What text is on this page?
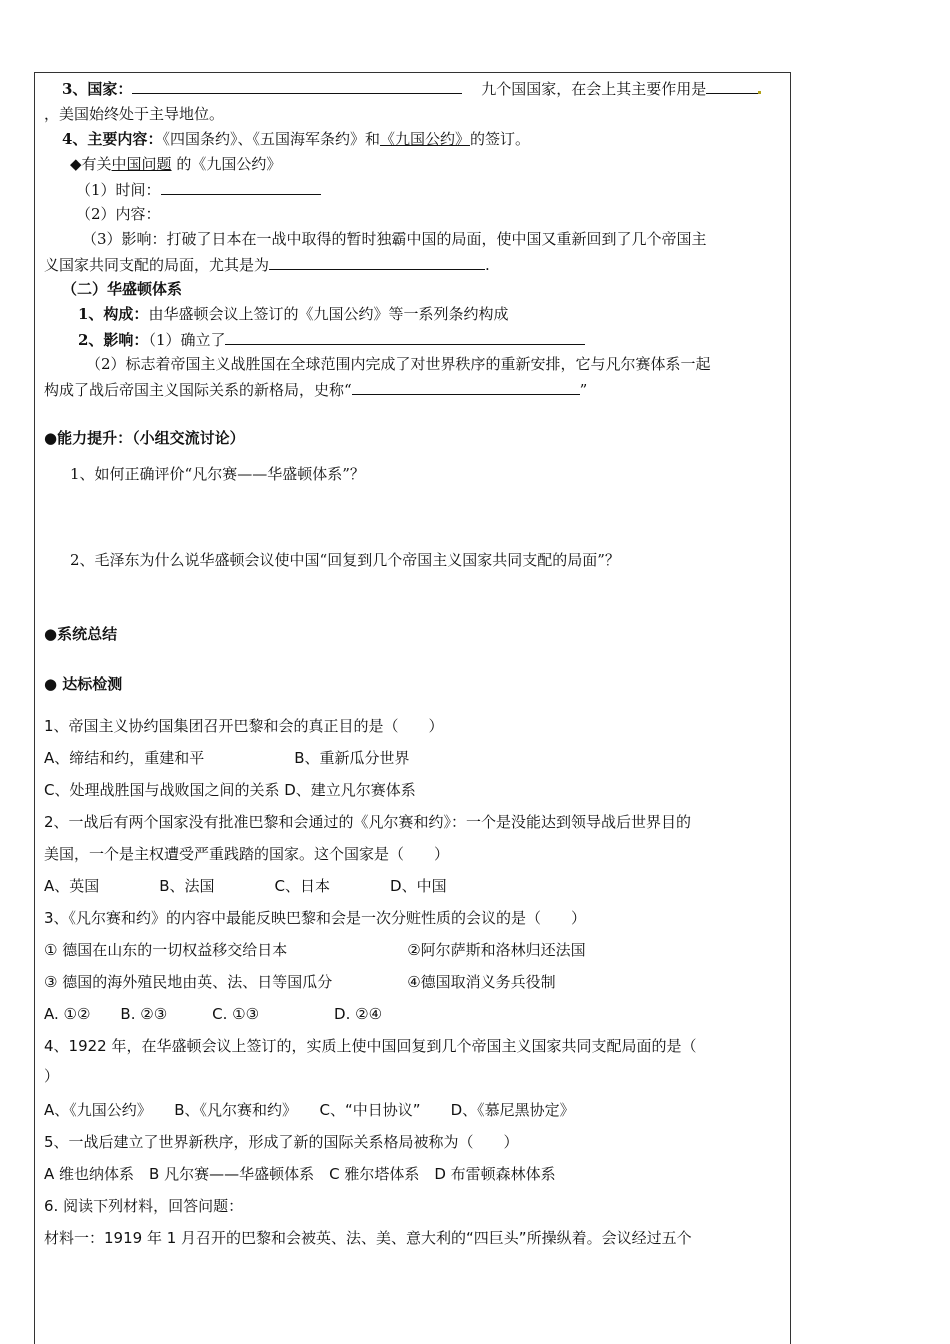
3、国家：	九个国国家，在会上其主要作用是
，美国始终处于主导地位。
4、主要内容：《四国条约》、《五国海军条约》和《九国公约》的签订。
◆有关中国问题 的《九国公约》
（1）时间：
（2）内容：
（3）影响：打破了日本在一战中取得的暂时独霸中国的局面，使中国又重新回到了几个帝国主
义国家共同支配的局面，尤其是为	.
（二）华盛顿体系
1、构成：由华盛顿会议上签订的《九国公约》等一系列条约构成
2、影响：（1）确立了
（2）标志着帝国主义战胜国在全球范围内完成了对世界秩序的重新安排，它与凡尔赛体系一起
构成了战后帝国主义国际关系的新格局，史称“	”
●能力提升：（小组交流讨论）
1、如何正确评价“凡尔赛——华盛顿体系”？
2、毛泽东为什么说华盛顿会议使中国“回复到几个帝国主义国家共同支配的局面”？
●系统总结
● 达标检测
1、帝国主义协约国集团召开巴黎和会的真正目的是（　　）
A、缔结和约，重建和平　　　　　　B、重新瓜分世界
C、处理战胜国与战败国之间的关系 D、建立凡尔赛体系
2、一战后有两个国家没有批准巴黎和会通过的《凡尔赛和约》：一个是没能达到领导战后世界目的
美国，一个是主权遭受严重践踏的国家。这个国家是（　　）
A、英国　　　　B、法国　　　　C、日本　　　　D、中国
3、《凡尔赛和约》的内容中最能反映巴黎和会是一次分赃性质的会议的是（　　）
① 德国在山东的一切权益移交给日本　　　　　　　　②阿尔萨斯和洛林归还法国
③ 德国的海外殖民地由英、法、日等国瓜分　　　　　④德国取消义务兵役制
A. ①②　　B. ②③　　　C. ①③　　　　　D. ②④
4、1922 年，在华盛顿会议上签订的，实质上使中国回复到几个帝国主义国家共同支配局面的是（
）
A、《九国公约》　　B、《凡尔赛和约》　　C、“中日协议”　　D、《慕尼黑协定》
5、一战后建立了世界新秩序，形成了新的国际关系格局被称为（　　）
A 维也纳体系　B 凡尔赛——华盛顿体系　C 雅尔塔体系　D 布雷顿森林体系
6. 阅读下列材料，回答问题：
材料一：1919 年 1 月召开的巴黎和会被英、法、美、意大利的“四巨头”所操纵着。会议经过五个
